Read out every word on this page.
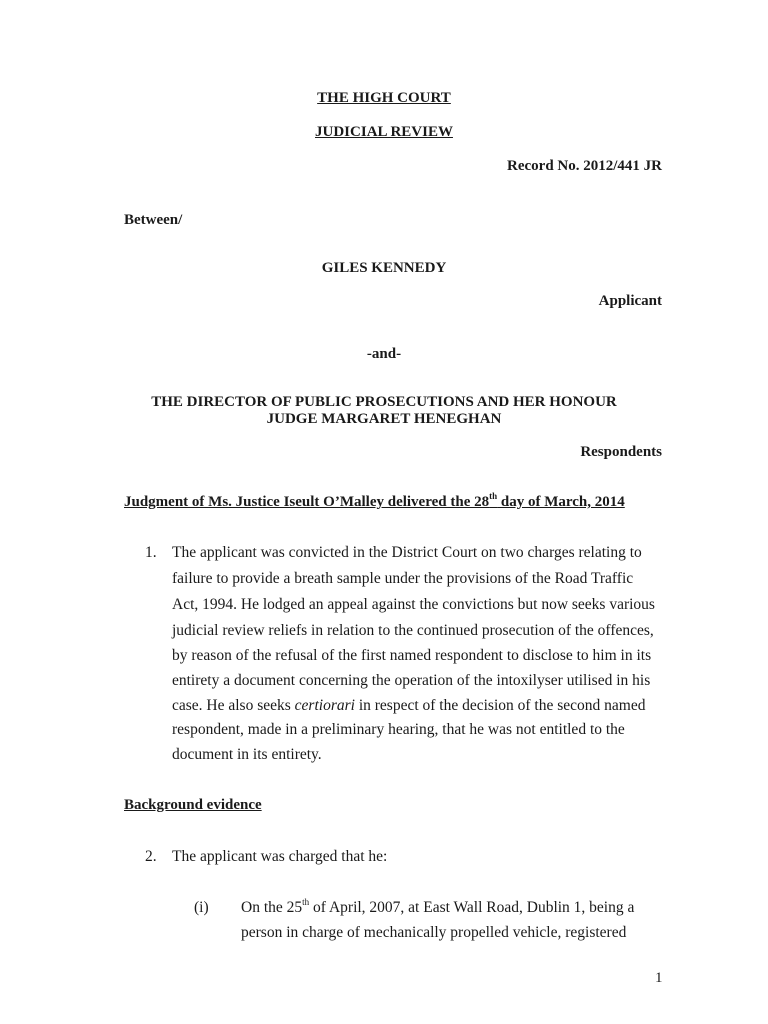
THE HIGH COURT
JUDICIAL REVIEW
Record No. 2012/441 JR
Between/
GILES KENNEDY
Applicant
-and-
THE DIRECTOR OF PUBLIC PROSECUTIONS AND HER HONOUR
JUDGE MARGARET HENEGHAN
Respondents
Judgment of Ms. Justice Iseult O’Malley delivered the 28th day of March, 2014
1. The applicant was convicted in the District Court on two charges relating to
failure to provide a breath sample under the provisions of the Road Traffic
Act, 1994. He lodged an appeal against the convictions but now seeks various
judicial review reliefs in relation to the continued prosecution of the offences,
by reason of the refusal of the first named respondent to disclose to him in its
entirety a document concerning the operation of the intoxilyser utilised in his
case. He also seeks certiorari in respect of the decision of the second named
respondent, made in a preliminary hearing, that he was not entitled to the
document in its entirety.
Background evidence
2. The applicant was charged that he:
(i) On the 25th of April, 2007, at East Wall Road, Dublin 1, being a
person in charge of mechanically propelled vehicle, registered
1
